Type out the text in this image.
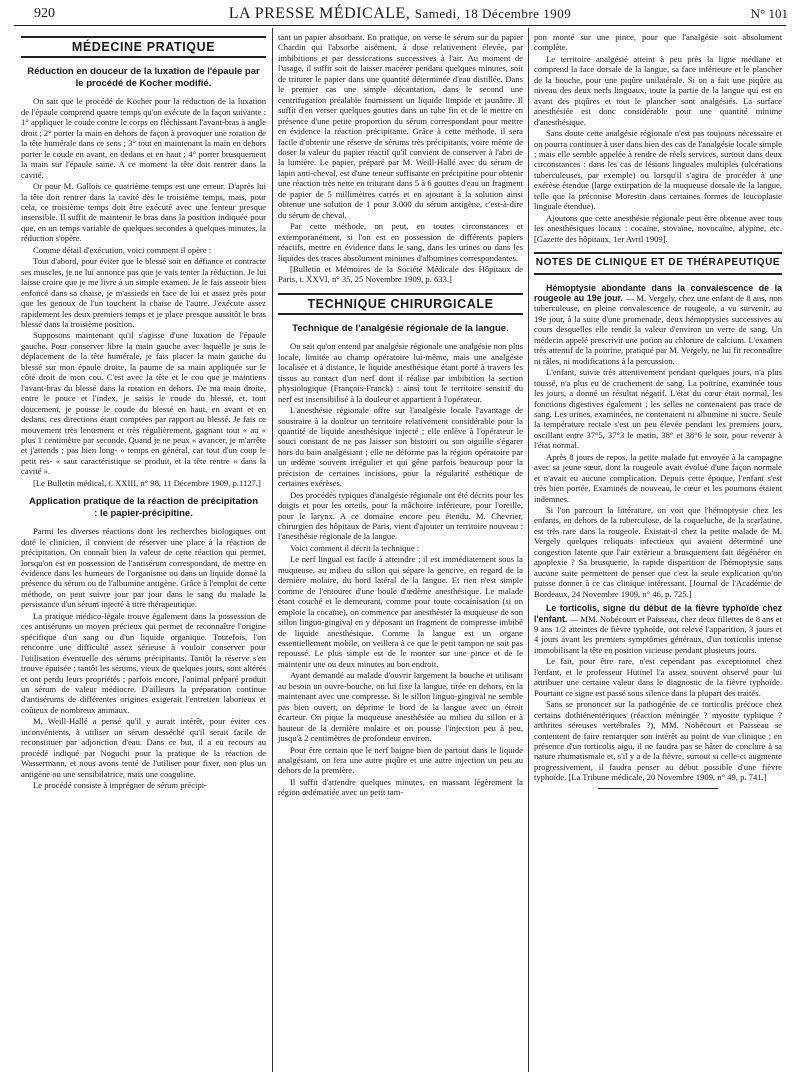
920	LA PRESSE MÉDICALE, Samedi, 18 Décembre 1909	N° 101
MÉDECINE PRATIQUE
Réduction en douceur de la luxation de l'épaule par le procédé de Kocher modifié.

On sait que le procédé de Kocher pour la réduction de la luxation de l'épaule comprend quatre temps qu'on exécute de la façon suivante : 1° appliquer le coude contre le corps en fléchissant l'avant-bras à angle droit ; 2° porter la main en dehors de façon à provoquer une rotation de la tête humérale dans ce sens ; 3° tout en maintenant la main en dehors porter le coude en avant, en dedans et en haut ; 4° porter brusquement la main sur l'épaule saine. A ce moment la tête doit rentrer dans la cavité.

Or pour M. Gallois ce quatrième temps est une erreur. D'après lui la tête doit rentrer dans la cavité dès le troisième temps, mais, pour cela, ce troisième temps doit être exécuté avec une lenteur presque insensible. Il suffit de maintenir le bras dans la position indiquée pour que, en un temps variable de quelques secondes à quelques minutes, la réduction s'opère.

Comme détail d'exécution, voici comment il opère :

Tout d'abord, pour éviter que le blessé soit en défiance et contracte ses muscles, je ne lui annonce pas que je vais tenter la réduction. Je lui laisse croire que je me livre à un simple examen. Je le fais asseoir bien enfoncé dans sa chaise, je m'assieds en face de lui et assez près pour que les genoux de l'un touchent la chaise de l'autre. J'exécute assez rapidement les deux premiers temps et je place presque aussitôt le bras blessé dans la troisième position.

Supposons maintenant qu'il s'agisse d'une luxation de l'épaule gauche. Pour conserver libre la main gauche avec laquelle je suis le déplacement de la tête humérale, je fais placer la main gauche du blessé sur mon épaule droite, la paume de sa main appliquée sur le côté droit de mon cou. C'est avec la tête et le cou que je maintiens l'avant-bras du blessé dans la rotation en dehors. De ma main droite, entre le pouce et l'index, je saisis le coude du blessé, et, tout doucement, je pousse le coude du blessé en haut, en avant et en dedans, ces directions étant comptées par rapport au blessé. Je fais ce mouvement très lentement et très régulièrement, gagnant tout « au « plus 1 centimètre par seconde. Quand je ne peux « avancer, je m'arrête et j'attends ; pas bien long- « temps en général, car tout d'un coup le petit res- « saut caractéristique se produit, et la tête rentre « dans la cavité ».

[Le Bulletin médical, t. XXIII, n° 98, 11 Décembre 1909, p.1127.]

Application pratique de la réaction de précipitation : le papier-précipitine.

Parmi les diverses réactions dont les recherches biologiques ont doté le clinicien, il convient de réserver une place à la réaction de précipitation. On connaît bien la valeur de cette réaction qui permet, lorsqu'on est en possession de l'antisérum correspondant, de mettre en évidence dans les humeurs de l'organisme ou dans un liquide donné la présence du sérum ou de l'albumine antigène. Grâce à l'emploi de cette méthode, on peut suivre jour par jour dans le sang du malade la persistance d'un sérum injecté à titre thérapeutique.

La pratique médico-légale trouve également dans la possession de ces antisérums un moyen précieux qui permet de reconnaître l'origine spécifique d'un sang ou d'un liquide organique. Toutefois, l'on rencontre une difficulté assez sérieuse à vouloir conserver pour l'utilisation éventuelle des sérums précipitants. Tantôt la réserve s'en trouve épuisée ; tantôt les sérums, vieux de quelques jours, sont altérés et ont perdu leurs propriétés ; parfois encore, l'animal préparé produit un sérum de valeur médiocre. D'ailleurs la préparation continue d'antisérums de différentes origines exigerait l'entretien laborieux et coûteux de nombreux animaux.

M. Weill-Hallé a pensé qu'il y aurait intérêt, pour éviter ces inconvénients, à utiliser un sérum desséché qu'il serait facile de reconstituer par adjonction d'eau. Dans ce but, il a eu recours au procédé indiqué par Noguchi pour la pratique de la réaction de Wassermann, et nous avons tenté de l'utiliser pour fixer, non plus un antigène ou une sensibilatrice, mais une coaguline.

Le procédé consiste à imprégner de sérum précipi-

tant un papier absorbant. En pratique, on verse le sérum sur du papier Chardin qui l'absorbe aisément, à dose relativement élevée, par imbibitions et par dessiccations successives à l'air. Au moment de l'usage, il suffit soit de laisser macérer pendant quelques minutes, soit de triturer le papier dans une quantité déterminée d'eau distillée. Dans le premier cas une simple décantation, dans le second une centrifugation préalable fournissent un liquide limpide et jaunâtre. Il suffit d'en verser quelques gouttes dans un tube fin et de le mettre en présence d'une petite proportion du sérum correspondant pour mettre en évidence la réaction précipitante. Grâce à cette méthode, il sera facile d'obtenir une réserve de sérums très précipitants, voire même de doser la valeur du papier réactif qu'il convient de conserver à l'abri de la lumière. Le papier, préparé par M. Weill-Hallé avec du sérum de lapin anti-cheval, est d'une teneur suffisante en précipitine pour obtenir une réaction très nette en triturant dans 5 à 6 gouttes d'eau un fragment de papier de 5 millimètres carrés et en ajoutant à la solution ainsi obtenue une solution de 1 pour 3.000 du sérum antigène, c'est-à-dire du sérum de cheval.

Par cette méthode, on peut, en toutes circonstances et extemporanément, si l'on est en possession de différents papiers réactifs, mettre en évidence dans le sang, dans les urines ou dans les liquides des traces absolument minimes d'albumines correspondantes.

[Bulletin et Mémoires de la Société Médicale des Hôpitaux de Paris, t. XXVI, n° 35, 25 Novembre 1909, p. 633.]

TECHNIQUE CHIRURGICALE
Technique de l'analgésie régionale de la langue.

On sait qu'on entend par analgésie régionale une analgésie non plus locale, limitée au champ opératoire lui-même, mais une analgésie localisée et à distance, le liquide anesthésique étant porté à travers les tissus au contact d'un nerf dont il réalise par imbibition la section physiologique (François-Franck) : ainsi tout le territoire sensitif du nerf est insensibilisé à la douleur et appartient à l'opérateur.

L'anesthésie régionale offre sur l'analgésie locale l'avantage de soustraire à la douleur un territoire relativement considérable pour la quantité de liquide anesthésique injecté ; elle enlève à l'opérateur le souci constant de ne pas laisser son bistouri ou son aiguille s'égarer hors du bain analgésiant ; elle ne déforme pas la région opératoire par un œdème souvent irrégulier et qui gêne parfois beaucoup pour la précision de certaines incisions, pour la régularité esthétique de certaines exérèses.

Des procédés typiques d'analgésie régionale ont été décrits pour les doigts et pour les orteils, pour la mâchoire inférieure, pour l'oreille, pour le larynx. A ce domaine encore peu étendu, M. Chevrier, chirurgien des hôpitaux de Paris, vient d'ajouter un territoire nouveau : l'anesthésie régionale de la langue.

Voici comment il décrit la technique :

Le nerf lingual est facile à atteindre ; il est immédiatement sous la muqueuse, au milieu du sillon qui sépare la gencive, en regard de la dernière molaire, du bord latéral de la langue. Et rien n'est simple comme de l'entourer d'une boule d'œdème anesthésique. Le malade étant couché et le demeurant, comme pour toute cocaïnisation (si on emploie la cocaïne), on commence par anesthésier la muqueuse de son sillon linguo-gingival en y déposant un fragment de compresse imbibé de liquide anesthésique. Comme la langue est un organe essentiellement mobile, on veillera à ce que le petit tampon ne soit pas repoussé. Le plus simple est de le monter sur une pince et de le maintenir une ou deux minutes au bon endroit.

Ayant demandé au malade d'ouvrir largement la bouche et utilisant au besoin un ouvre-bouche, on lui fixe la langue, tirée en dehors, en la maintenant avec une compresse. Si le sillon linguo-gingival ne semble pas bien ouvert, on déprime le bord de la langue avec un étroit écarteur. On pique la muqueuse anesthésiée au milieu du sillon et à hauteur de la dernière molaire et on pousse l'injection peu à peu, jusqu'à 2 centimètres de profondeur environ.

Pour être certain que le nerf baigne bien de partout dans le liquide analgésiant, on fera une autre piqûre et une autre injection un peu au dehors de la première.

Il suffit d'attendre quelques minutes, en massant légèrement la région œdématiée avec un petit tam-

pon monté sur une pince, pour que l'analgésie soit absolument complète.

Le territoire analgésié atteint à peu près la ligne médiane et comprend la face dorsale de la langue, sa face inférieure et le plancher de la bouche, pour une piqûre unilatérale. Si on a fait une piqûre au niveau des deux nerfs linguaux, toute la partie de la langue qui est en avant des piqûres et tout le plancher sont analgésiés. La surface anesthésiée est donc considérable pour une quantité minime d'anesthésique.

Sans doute cette analgésie régionale n'est pas toujours nécessaire et on pourra continuer à user dans bien des cas de l'analgésie locale simple ; mais elle semble appelée à rendre de réels services, surtout dans deux circonstances : dans les cas de lésions linguales multiples (ulcérations tuberculeuses, par exemple) ou lorsqu'il s'agira de procéder à une exérèse étendue (large extirpation de la muqueuse dorsale de la langue, telle que la préconise Morestin dans certaines formes de leucoplasie linguale étendue).

Ajoutons que cette anesthésie régionale peut être obtenue avec tous les anesthésiques locaux : cocaïne, stovaïne, novocaïne, alypine, etc. [Gazette des hôpitaux, 1er Avril 1909].

NOTES DE CLINIQUE ET DE THÉRAPEUTIQUE

Hémoptysie abondante dans la convalescence de la rougeole au 19e jour. — M. Vergely, chez une enfant de 8 ans, non tuberculeuse, en pleine convalescence de rougeole, a vu survenir, au 19e jour, à la suite d'une promenade, deux hémoptysies successives au cours desquelles elle rendit la valeur d'environ un verre de sang. Un médecin appelé prescrivit une potion au chlorure de calcium. L'examen très attentif de la poitrine, pratiqué par M. Vergely, ne lui fit reconnaître ni râles, ni modifications à la percussion.

L'enfant, suivie très attentivement pendant quelques jours, n'a plus toussé, n'a plus eu de crachement de sang. La poitrine, examinée tous les jours, a donné un résultat négatif. L'état du cœur était normal, les fonctions digestives également ; les selles ne contenaient pas trace de sang. Les urines, examinées, ne contenaient ni albumine ni sucre. Seule la température rectale s'est un peu élevée pendant les premiers jours, oscillant entre 37°5, 37°3 le matin, 38° et 38°6 le soir, pour revenir à l'état normal.

Après 8 jours de repos, la petite malade fut envoyée à la campagne avec sa jeune sœur, dont la rougeole avait évolué d'une façon normale et n'avait eu aucune complication. Depuis cette époque, l'enfant s'est très bien portée. Examinés de nouveau, le cœur et les poumons étaient indemnes.

Si l'on parcourt la littérature, on voit que l'hémoptysie chez les enfants, en dehors de la tuberculose, de la coqueluche, de la scarlatine, est très rare dans la rougeole. Existait-il chez la petite malade de M. Vergely quelques reliquats infectieux qui avaient déterminé une congestion latente que l'air extérieur a brusquement fait dégénérer en apoplexie ? Sa brusquerie, la rapide disparition de l'hémoptysie sans aucune suite permettent de penser que c'est la seule explication qu'on puisse donner à ce cas clinique intéressant. [Journal de l'Académie de Bordeaux, 24 Novembre 1909, n° 46, p. 725.]

Le torticolis, signe du début de la fièvre typhoïde chez l'enfant. — MM. Nobécourt et Paisseau, chez deux fillettes de 8 ans et 9 ans 1/2 atteintes de fièvre typhoïde, ont relevé l'apparition, 3 jours et 4 jours avant les premiers symptômes généraux, d'un torticolis intense immobilisant la tête en position vicieuse pendant plusieurs jours.

Le fait, pour être rare, n'est cependant pas exceptionnel chez l'enfant, et le professeur Hutinel l'a assez souvent observé pour lui attribuer une certaine valeur dans le diagnostic de la fièvre typhoïde. Pourtant ce signe est passé sous silence dans la plupart des traités.

Sans se prononcer sur la pathogénie de ce torticolis précoce chez certains dothiénentériques (réaction méningée ? myosite typhique ? arthrites séreuses vertébrales ?), MM. Nobécourt et Paisseau se contentent de faire remarquer son intérêt au point de vue clinique ; en présence d'un torticolis aigu, il ne faudra pas se hâter de conclure à sa nature rhumatismale et, s'il y a de la fièvre, surtout si celle-ci augmente progressivement, il faudra penser au début possible d'une fièvre typhoïde. [La Tribune médicale, 20 Novembre 1909, n° 49, p. 741.]
